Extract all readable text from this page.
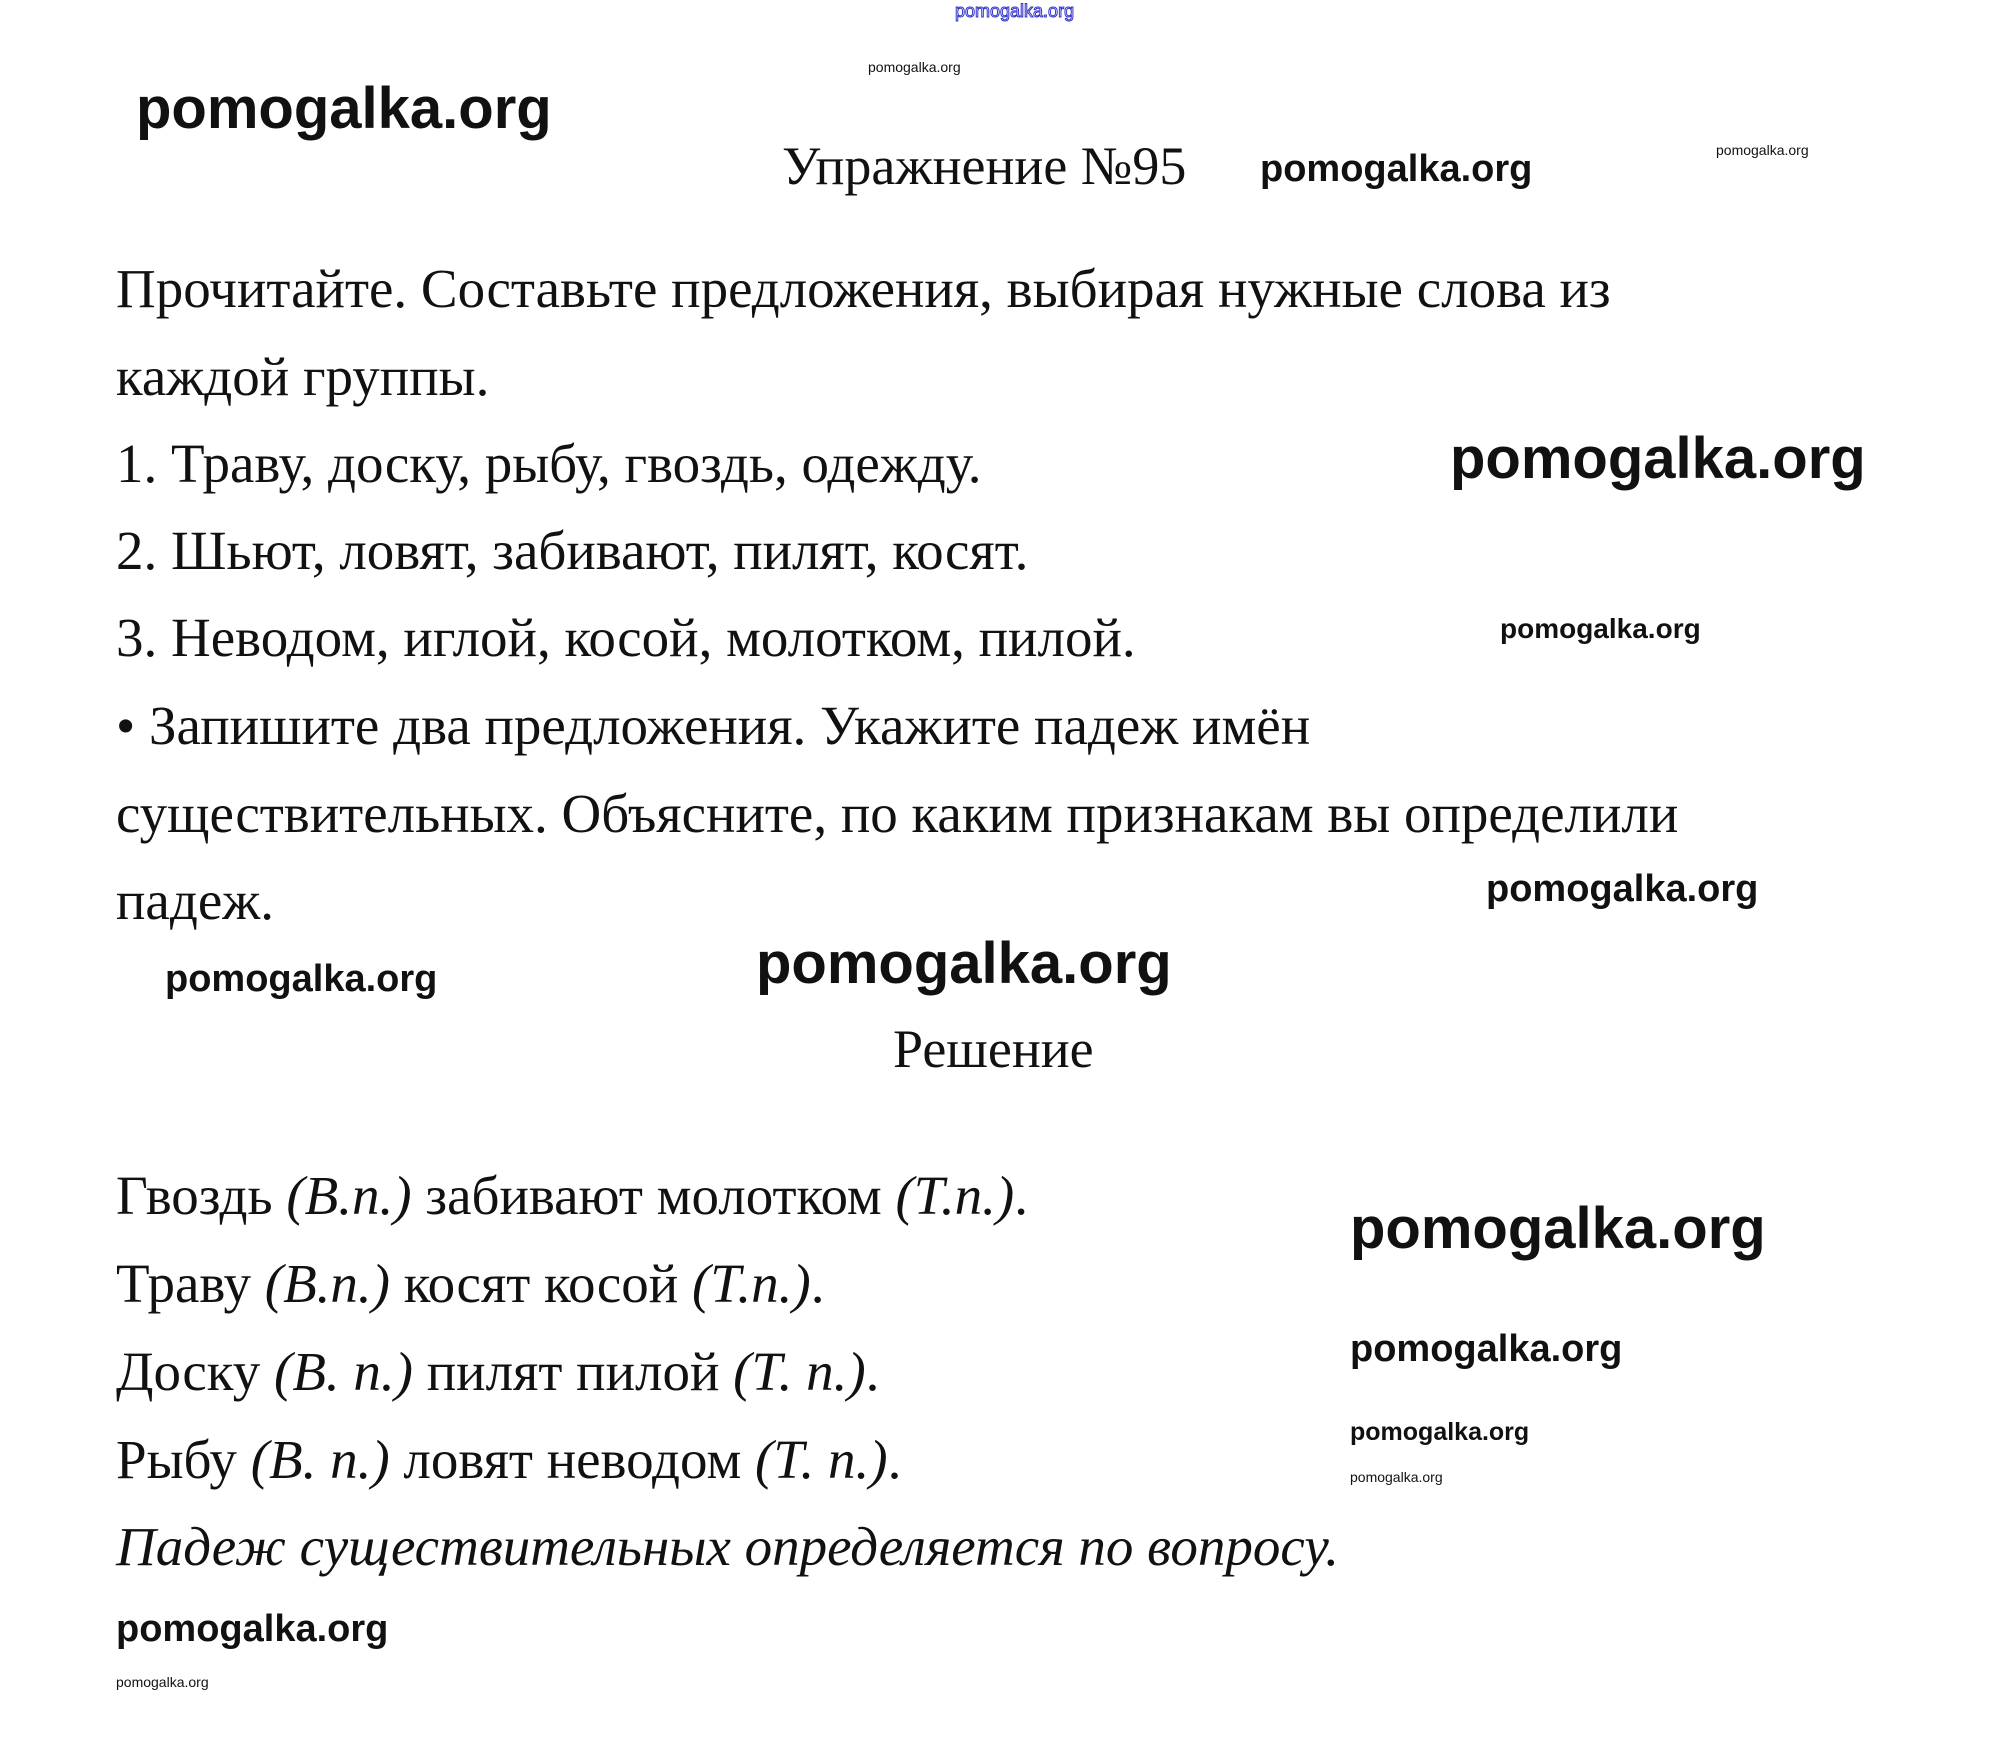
pomogalka.org
Упражнение №95
Прочитайте. Составьте предложения, выбирая нужные слова из
каждой группы.
1. Траву, доску, рыбу, гвоздь, одежду.
2. Шьют, ловят, забивают, пилят, косят.
3. Неводом, иглой, косой, молотком, пилой.
• Запишите два предложения. Укажите падеж имён
существительных. Объясните, по каким признакам вы определили
падеж.
Решение
Гвоздь (В.п.) забивают молотком (Т.п.).
Траву (В.п.) косят косой (Т.п.).
Доску (В. п.) пилят пилой (Т. п.).
Рыбу (В. п.) ловят неводом (Т. п.).
Падеж существительных определяется по вопросу.
pomogalka.org
pomogalka.org
pomogalka.org
pomogalka.org
pomogalka.org
pomogalka.org
pomogalka.org
pomogalka.org
pomogalka.org
pomogalka.org
pomogalka.org
pomogalka.org
pomogalka.org
pomogalka.org
pomogalka.org
